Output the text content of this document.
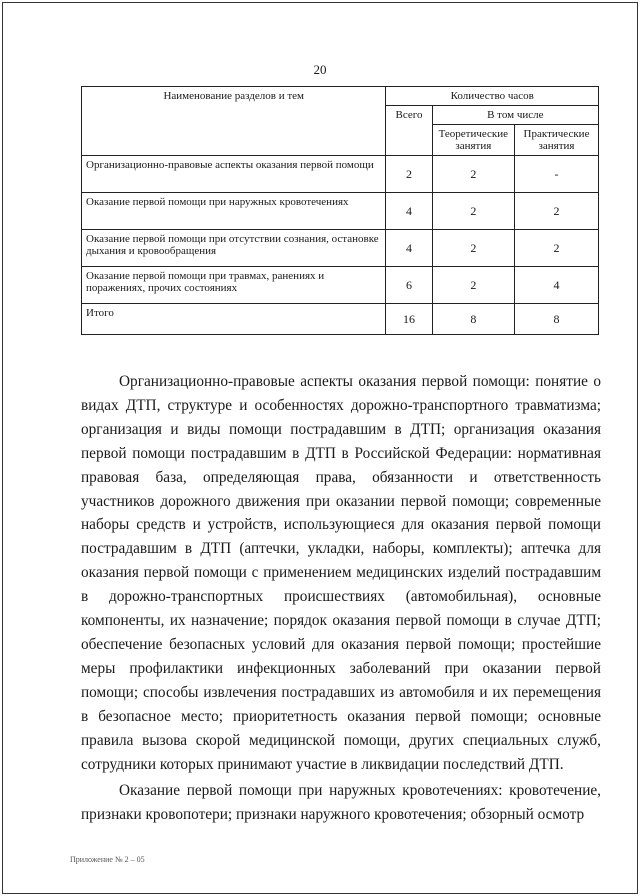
20
Наименование разделов и тем	Количество часов		
	Всего	В том числе	
		Теоретические занятия	Практические занятия
Организационно-правовые аспекты оказания первой помощи	2	2	-
Оказание первой помощи при наружных кровотечениях	4	2	2
Оказание первой помощи при отсутствии сознания, остановке дыхания и кровообращения	4	2	2
Оказание первой помощи при травмах, ранениях и поражениях, прочих состояниях	6	2	4
Итого	16	8	8

Организационно-правовые аспекты оказания первой помощи: понятие о видах ДТП, структуре и особенностях дорожно-транспортного травматизма; организация и виды помощи пострадавшим в ДТП; организация оказания первой помощи пострадавшим в ДТП в Российской Федерации: нормативная правовая база, определяющая права, обязанности и ответственность участников дорожного движения при оказании первой помощи; современные наборы средств и устройств, использующиеся для оказания первой помощи пострадавшим в ДТП (аптечки, укладки, наборы, комплекты); аптечка для оказания первой помощи с применением медицинских изделий пострадавшим в дорожно-транспортных происшествиях (автомобильная), основные компоненты, их назначение; порядок оказания первой помощи в случае ДТП; обеспечение безопасных условий для оказания первой помощи; простейшие меры профилактики инфекционных заболеваний при оказании первой помощи; способы извлечения пострадавших из автомобиля и их перемещения в безопасное место; приоритетность оказания первой помощи; основные правила вызова скорой медицинской помощи, других специальных служб, сотрудники которых принимают участие в ликвидации последствий ДТП.

Оказание первой помощи при наружных кровотечениях: кровотечение, признаки кровопотери; признаки наружного кровотечения; обзорный осмотр

Приложение № 2 – 05
